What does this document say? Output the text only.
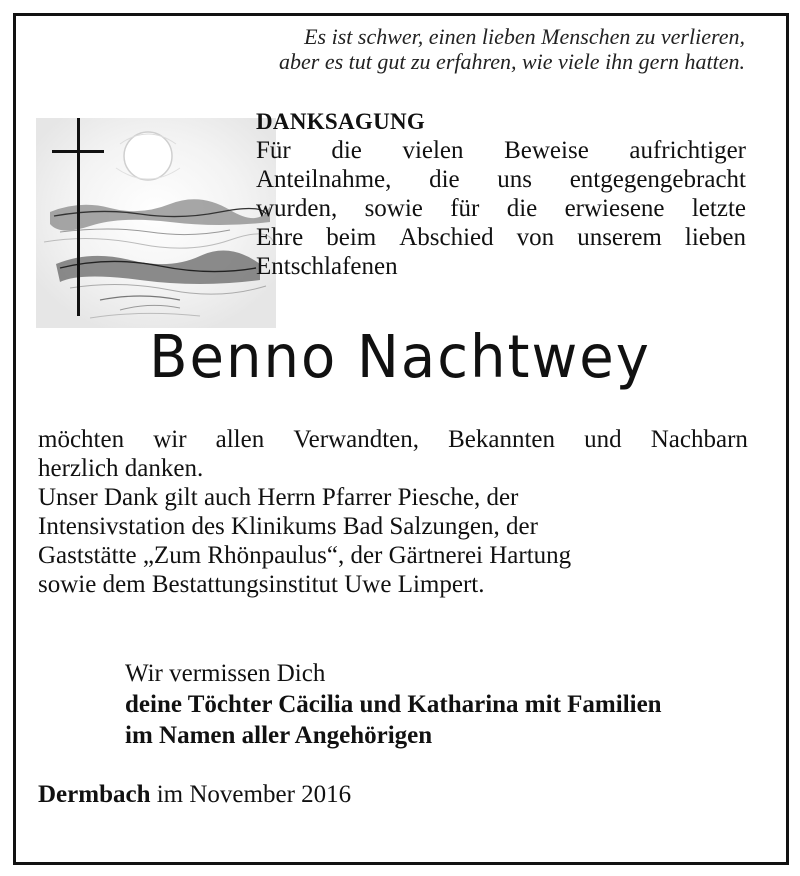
Es ist schwer, einen lieben Menschen zu verlieren,
aber es tut gut zu erfahren, wie viele ihn gern hatten.
DANKSAGUNG
Für die vielen Beweise aufrichtiger
Anteilnahme, die uns entgegengebracht
wurden, sowie für die erwiesene letzte
Ehre beim Abschied von unserem lieben
Entschlafenen
Benno Nachtwey
möchten wir allen Verwandten, Bekannten und Nachbarn
herzlich danken.
Unser Dank gilt auch Herrn Pfarrer Piesche, der
Intensivstation des Klinikums Bad Salzungen, der
Gaststätte „Zum Rhönpaulus“, der Gärtnerei Hartung
sowie dem Bestattungsinstitut Uwe Limpert.
Wir vermissen Dich
deine Töchter Cäcilia und Katharina mit Familien
im Namen aller Angehörigen
Dermbach im November 2016
